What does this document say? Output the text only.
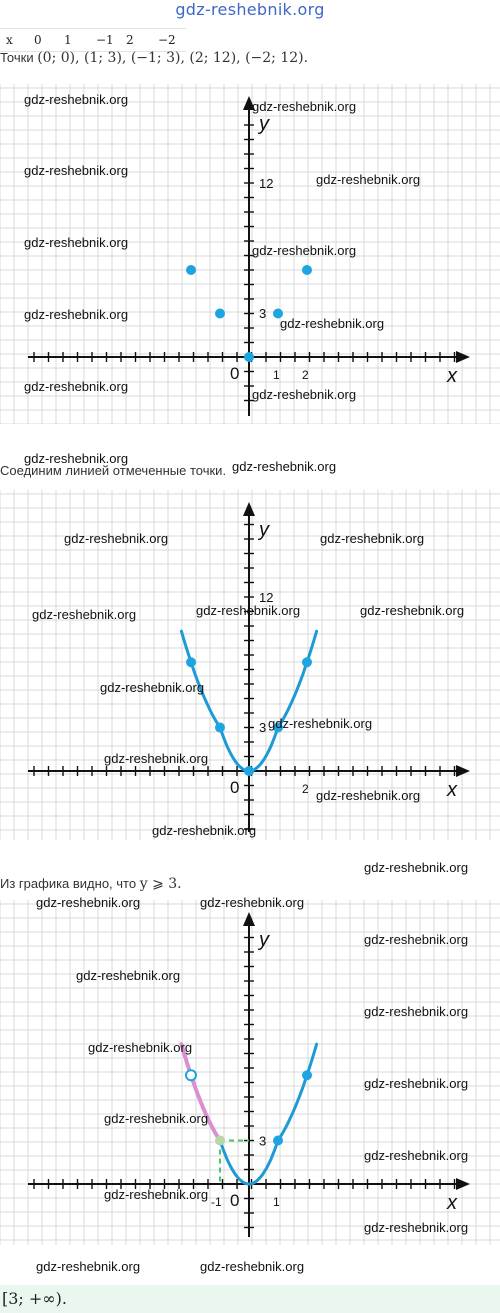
gdz-reshebnik.org
x	0	1	−1	2	−2
Точки (0; 0), (1; 3), (−1; 3), (2; 12), (−2; 12).
x
y
0	1 2
3
12
Соединим линией отмеченные точки.
x
y
0	2
3
12
Из графика видно, что y ⩾ 3.
x
y
0
-1	1
3
[3; +∞).
gdz-reshebnik.org	gdz-reshebnik.org
gdz-reshebnik.org
gdz-reshebnik.org
gdz-reshebnik.org
gdz-reshebnik.org
gdz-reshebnik.org
gdz-reshebnik.org
gdz-reshebnik.org
gdz-reshebnik.org
gdz-reshebnik.org
gdz-reshebnik.org
gdz-reshebnik.org	gdz-reshebnik.org
gdz-reshebnik.org	gdz-reshebnik.org	gdz-reshebnik.org
gdz-reshebnik.org
gdz-reshebnik.org
gdz-reshebnik.org
gdz-reshebnik.org
gdz-reshebnik.org
gdz-reshebnik.org
gdz-reshebnik.org	gdz-reshebnik.org
gdz-reshebnik.org
gdz-reshebnik.org
gdz-reshebnik.org
gdz-reshebnik.org
gdz-reshebnik.org
gdz-reshebnik.org
gdz-reshebnik.org
gdz-reshebnik.org
gdz-reshebnik.org
gdz-reshebnik.org	gdz-reshebnik.org
